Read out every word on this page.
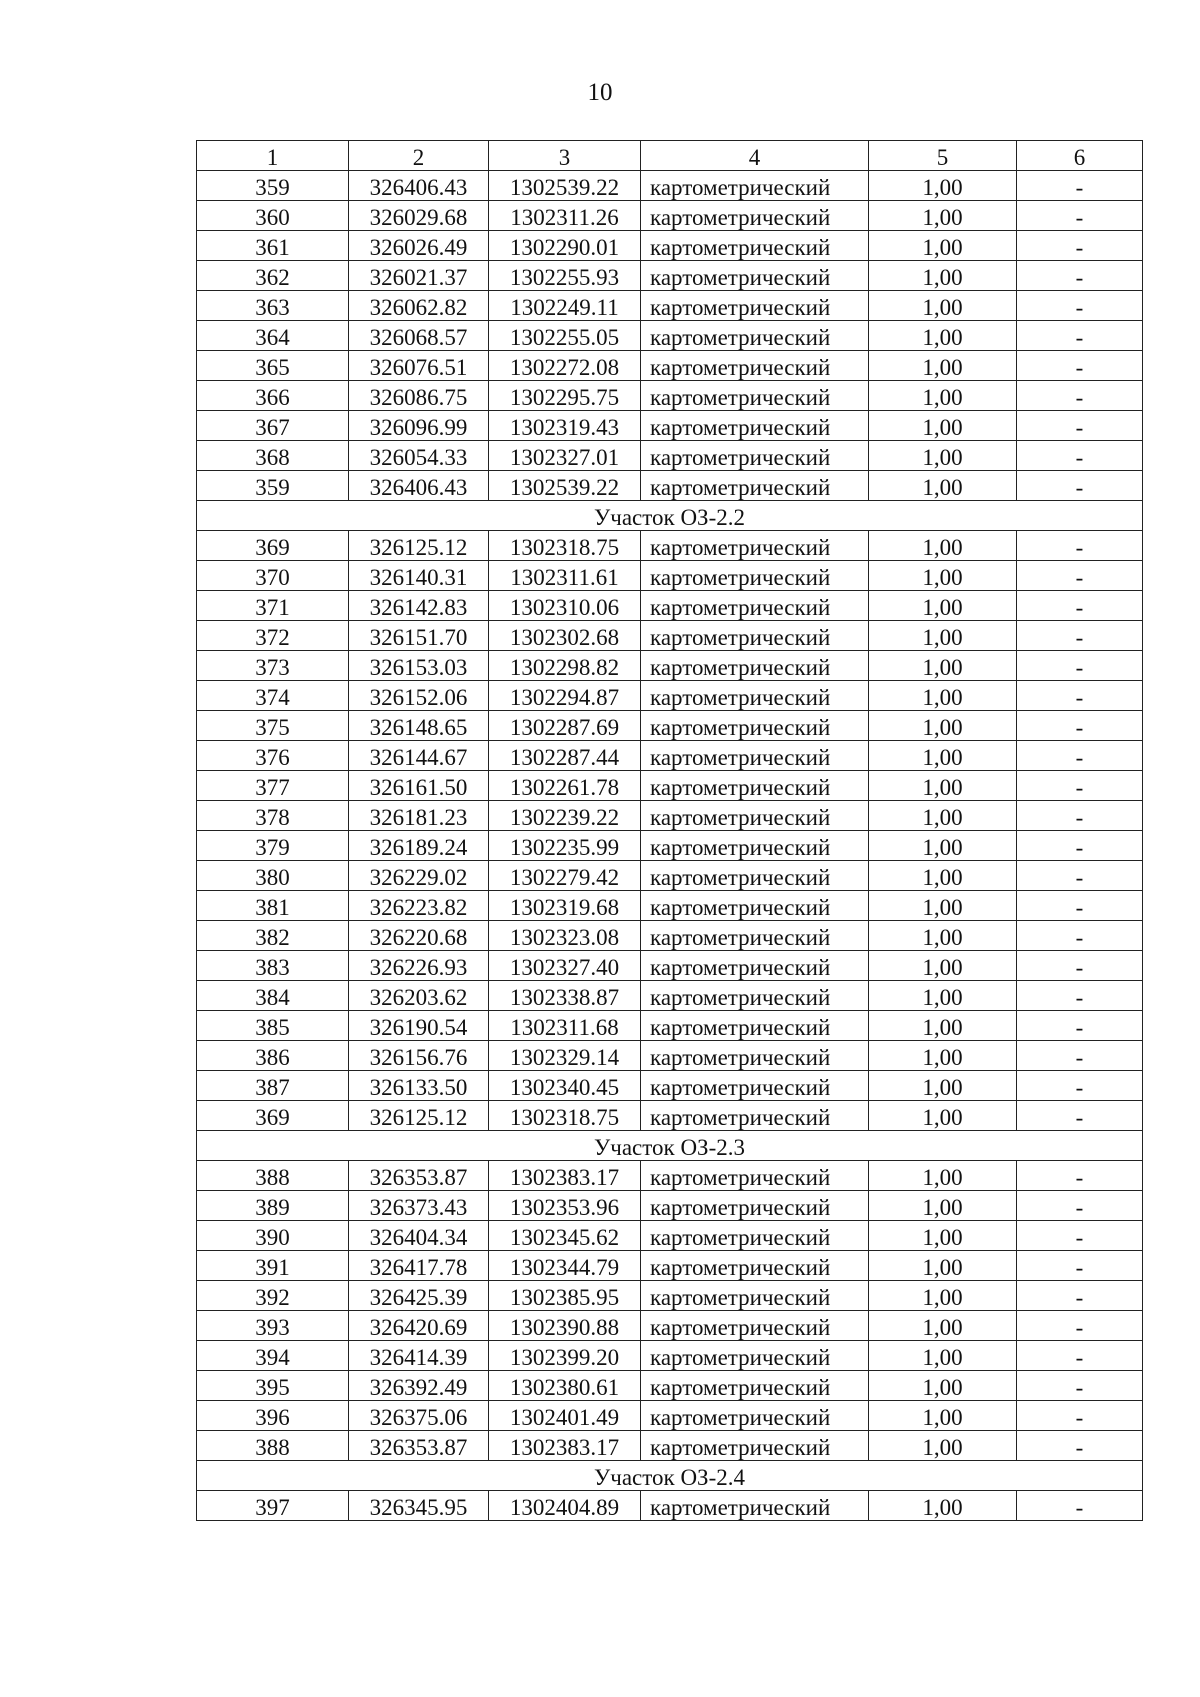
10
1	2	3	4	5	6
359	326406.43	1302539.22	картометрический	1,00	-
360	326029.68	1302311.26	картометрический	1,00	-
361	326026.49	1302290.01	картометрический	1,00	-
362	326021.37	1302255.93	картометрический	1,00	-
363	326062.82	1302249.11	картометрический	1,00	-
364	326068.57	1302255.05	картометрический	1,00	-
365	326076.51	1302272.08	картометрический	1,00	-
366	326086.75	1302295.75	картометрический	1,00	-
367	326096.99	1302319.43	картометрический	1,00	-
368	326054.33	1302327.01	картометрический	1,00	-
359	326406.43	1302539.22	картометрический	1,00	-
Участок ОЗ-2.2					
369	326125.12	1302318.75	картометрический	1,00	-
370	326140.31	1302311.61	картометрический	1,00	-
371	326142.83	1302310.06	картометрический	1,00	-
372	326151.70	1302302.68	картометрический	1,00	-
373	326153.03	1302298.82	картометрический	1,00	-
374	326152.06	1302294.87	картометрический	1,00	-
375	326148.65	1302287.69	картометрический	1,00	-
376	326144.67	1302287.44	картометрический	1,00	-
377	326161.50	1302261.78	картометрический	1,00	-
378	326181.23	1302239.22	картометрический	1,00	-
379	326189.24	1302235.99	картометрический	1,00	-
380	326229.02	1302279.42	картометрический	1,00	-
381	326223.82	1302319.68	картометрический	1,00	-
382	326220.68	1302323.08	картометрический	1,00	-
383	326226.93	1302327.40	картометрический	1,00	-
384	326203.62	1302338.87	картометрический	1,00	-
385	326190.54	1302311.68	картометрический	1,00	-
386	326156.76	1302329.14	картометрический	1,00	-
387	326133.50	1302340.45	картометрический	1,00	-
369	326125.12	1302318.75	картометрический	1,00	-
Участок ОЗ-2.3					
388	326353.87	1302383.17	картометрический	1,00	-
389	326373.43	1302353.96	картометрический	1,00	-
390	326404.34	1302345.62	картометрический	1,00	-
391	326417.78	1302344.79	картометрический	1,00	-
392	326425.39	1302385.95	картометрический	1,00	-
393	326420.69	1302390.88	картометрический	1,00	-
394	326414.39	1302399.20	картометрический	1,00	-
395	326392.49	1302380.61	картометрический	1,00	-
396	326375.06	1302401.49	картометрический	1,00	-
388	326353.87	1302383.17	картометрический	1,00	-
Участок ОЗ-2.4					
397	326345.95	1302404.89	картометрический	1,00	-
